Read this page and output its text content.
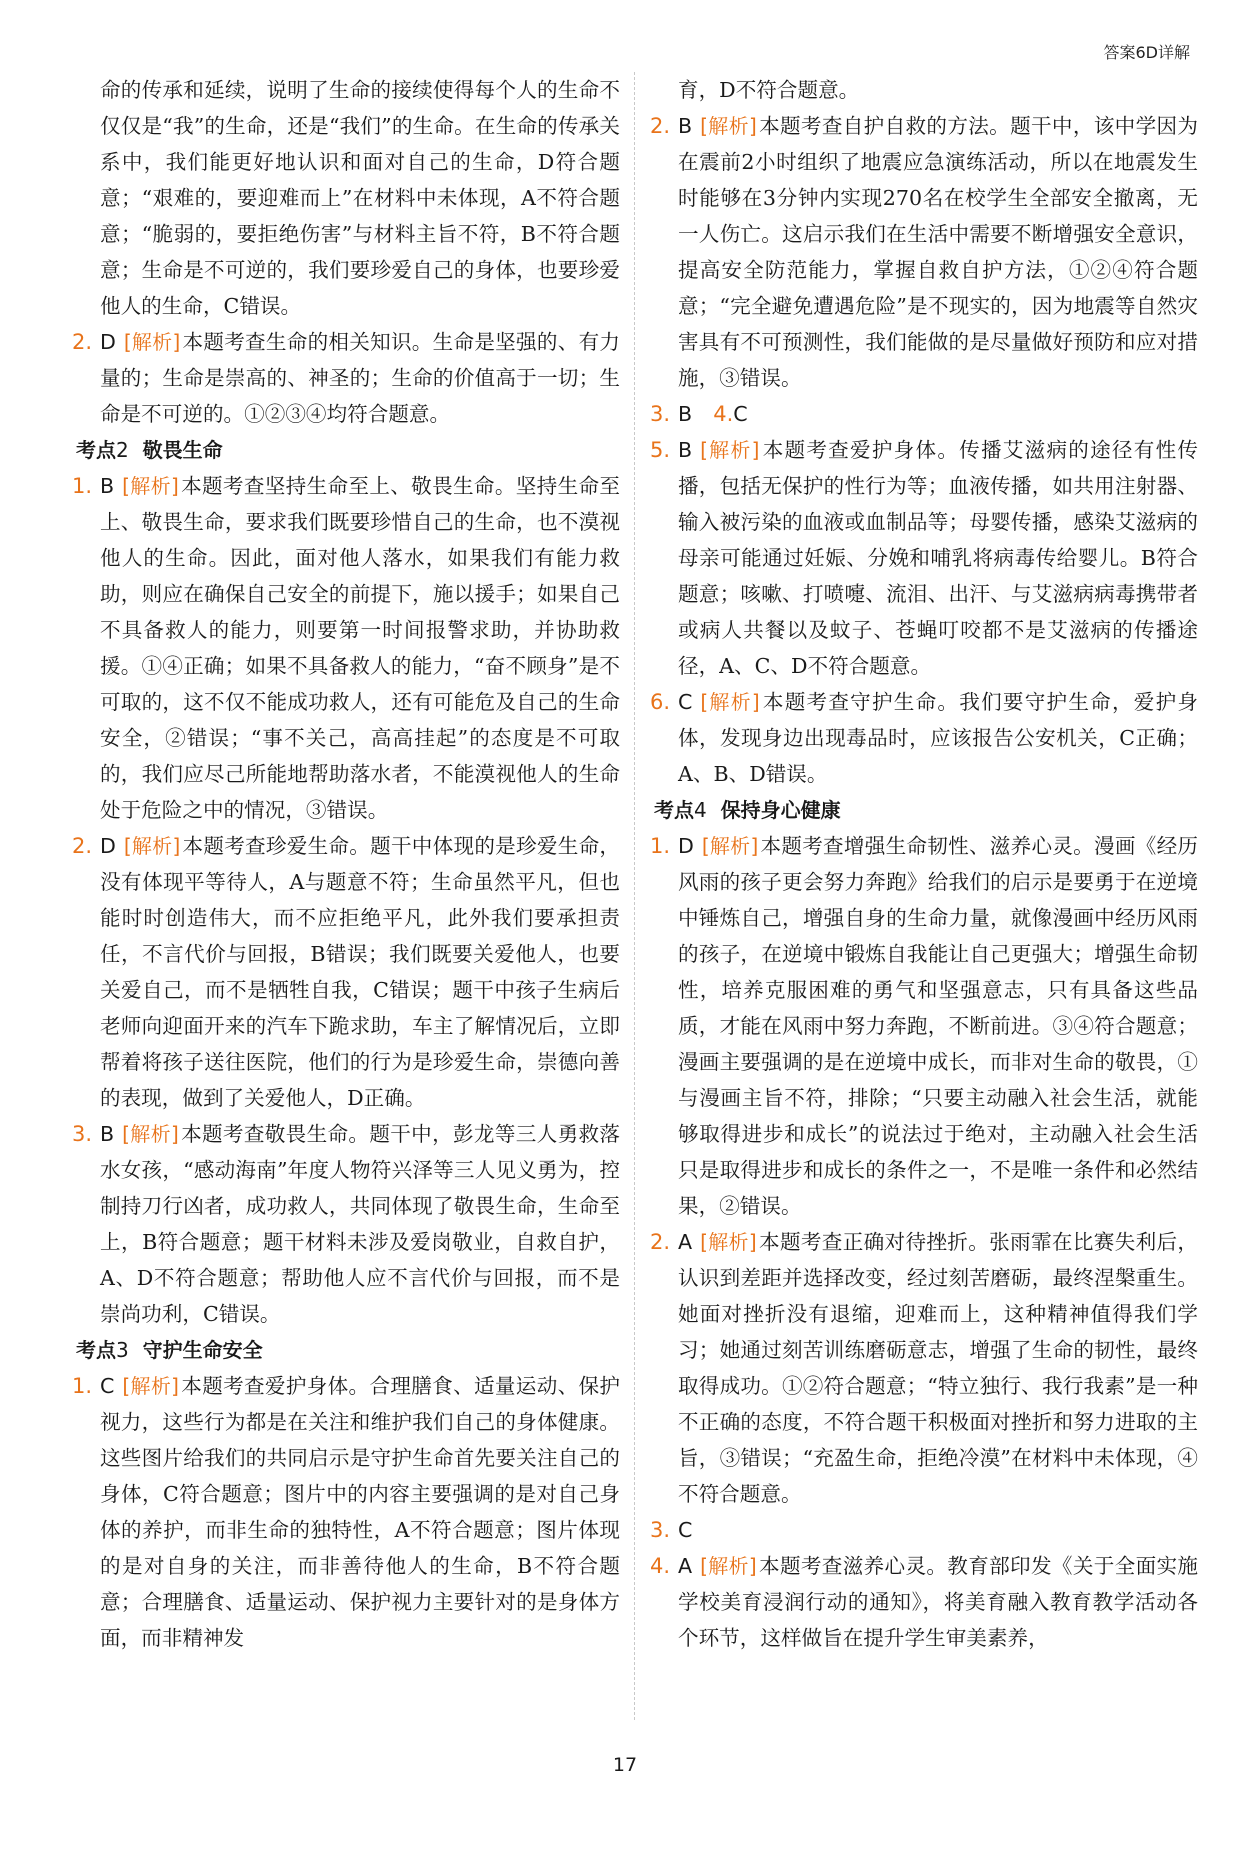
答案6D详解
命的传承和延续，说明了生命的接续使得每个人的生命不仅仅是“我”的生命，还是“我们”的生命。在生命的传承关系中，我们能更好地认识和面对自己的生命，D符合题意；“艰难的，要迎难而上”在材料中未体现，A不符合题意；“脆弱的，要拒绝伤害”与材料主旨不符，B不符合题意；生命是不可逆的，我们要珍爱自己的身体，也要珍爱他人的生命，C错误。
2. D [解析]本题考查生命的相关知识。生命是坚强的、有力量的；生命是崇高的、神圣的；生命的价值高于一切；生命是不可逆的。①②③④均符合题意。
考点2 敬畏生命
1. B [解析]本题考查坚持生命至上、敬畏生命。坚持生命至上、敬畏生命，要求我们既要珍惜自己的生命，也不漠视他人的生命。因此，面对他人落水，如果我们有能力救助，则应在确保自己安全的前提下，施以援手；如果自己不具备救人的能力，则要第一时间报警求助，并协助救援。①④正确；如果不具备救人的能力，“奋不顾身”是不可取的，这不仅不能成功救人，还有可能危及自己的生命安全，②错误；“事不关己，高高挂起”的态度是不可取的，我们应尽己所能地帮助落水者，不能漠视他人的生命处于危险之中的情况，③错误。
2. D [解析]本题考查珍爱生命。题干中体现的是珍爱生命，没有体现平等待人，A与题意不符；生命虽然平凡，但也能时时创造伟大，而不应拒绝平凡，此外我们要承担责任，不言代价与回报，B错误；我们既要关爱他人，也要关爱自己，而不是牺牲自我，C错误；题干中孩子生病后老师向迎面开来的汽车下跪求助，车主了解情况后，立即帮着将孩子送往医院，他们的行为是珍爱生命，崇德向善的表现，做到了关爱他人，D正确。
3. B [解析]本题考查敬畏生命。题干中，彭龙等三人勇救落水女孩，“感动海南”年度人物符兴泽等三人见义勇为，控制持刀行凶者，成功救人，共同体现了敬畏生命，生命至上，B符合题意；题干材料未涉及爱岗敬业，自救自护，A、D不符合题意；帮助他人应不言代价与回报，而不是崇尚功利，C错误。
考点3 守护生命安全
1. C [解析]本题考查爱护身体。合理膳食、适量运动、保护视力，这些行为都是在关注和维护我们自己的身体健康。这些图片给我们的共同启示是守护生命首先要关注自己的身体，C符合题意；图片中的内容主要强调的是对自己身体的养护，而非生命的独特性，A不符合题意；图片体现的是对自身的关注，而非善待他人的生命，B不符合题意；合理膳食、适量运动、保护视力主要针对的是身体方面，而非精神发
育，D不符合题意。
2. B [解析]本题考查自护自救的方法。题干中，该中学因为在震前2小时组织了地震应急演练活动，所以在地震发生时能够在3分钟内实现270名在校学生全部安全撤离，无一人伤亡。这启示我们在生活中需要不断增强安全意识，提高安全防范能力，掌握自救自护方法，①②④符合题意；“完全避免遭遇危险”是不现实的，因为地震等自然灾害具有不可预测性，我们能做的是尽量做好预防和应对措施，③错误。
3. B 4.C
5. B [解析]本题考查爱护身体。传播艾滋病的途径有性传播，包括无保护的性行为等；血液传播，如共用注射器、输入被污染的血液或血制品等；母婴传播，感染艾滋病的母亲可能通过妊娠、分娩和哺乳将病毒传给婴儿。B符合题意；咳嗽、打喷嚏、流泪、出汗、与艾滋病病毒携带者或病人共餐以及蚊子、苍蝇叮咬都不是艾滋病的传播途径，A、C、D不符合题意。
6. C [解析]本题考查守护生命。我们要守护生命，爱护身体，发现身边出现毒品时，应该报告公安机关，C正确；A、B、D错误。
考点4 保持身心健康
1. D [解析]本题考查增强生命韧性、滋养心灵。漫画《经历风雨的孩子更会努力奔跑》给我们的启示是要勇于在逆境中锤炼自己，增强自身的生命力量，就像漫画中经历风雨的孩子，在逆境中锻炼自我能让自己更强大；增强生命韧性，培养克服困难的勇气和坚强意志，只有具备这些品质，才能在风雨中努力奔跑，不断前进。③④符合题意；漫画主要强调的是在逆境中成长，而非对生命的敬畏，①与漫画主旨不符，排除；“只要主动融入社会生活，就能够取得进步和成长”的说法过于绝对，主动融入社会生活只是取得进步和成长的条件之一，不是唯一条件和必然结果，②错误。
2. A [解析]本题考查正确对待挫折。张雨霏在比赛失利后，认识到差距并选择改变，经过刻苦磨砺，最终涅槃重生。她面对挫折没有退缩，迎难而上，这种精神值得我们学习；她通过刻苦训练磨砺意志，增强了生命的韧性，最终取得成功。①②符合题意；“特立独行、我行我素”是一种不正确的态度，不符合题干积极面对挫折和努力进取的主旨，③错误；“充盈生命，拒绝冷漠”在材料中未体现，④不符合题意。
3. C
4. A [解析]本题考查滋养心灵。教育部印发《关于全面实施学校美育浸润行动的通知》，将美育融入教育教学活动各个环节，这样做旨在提升学生审美素养，
17
